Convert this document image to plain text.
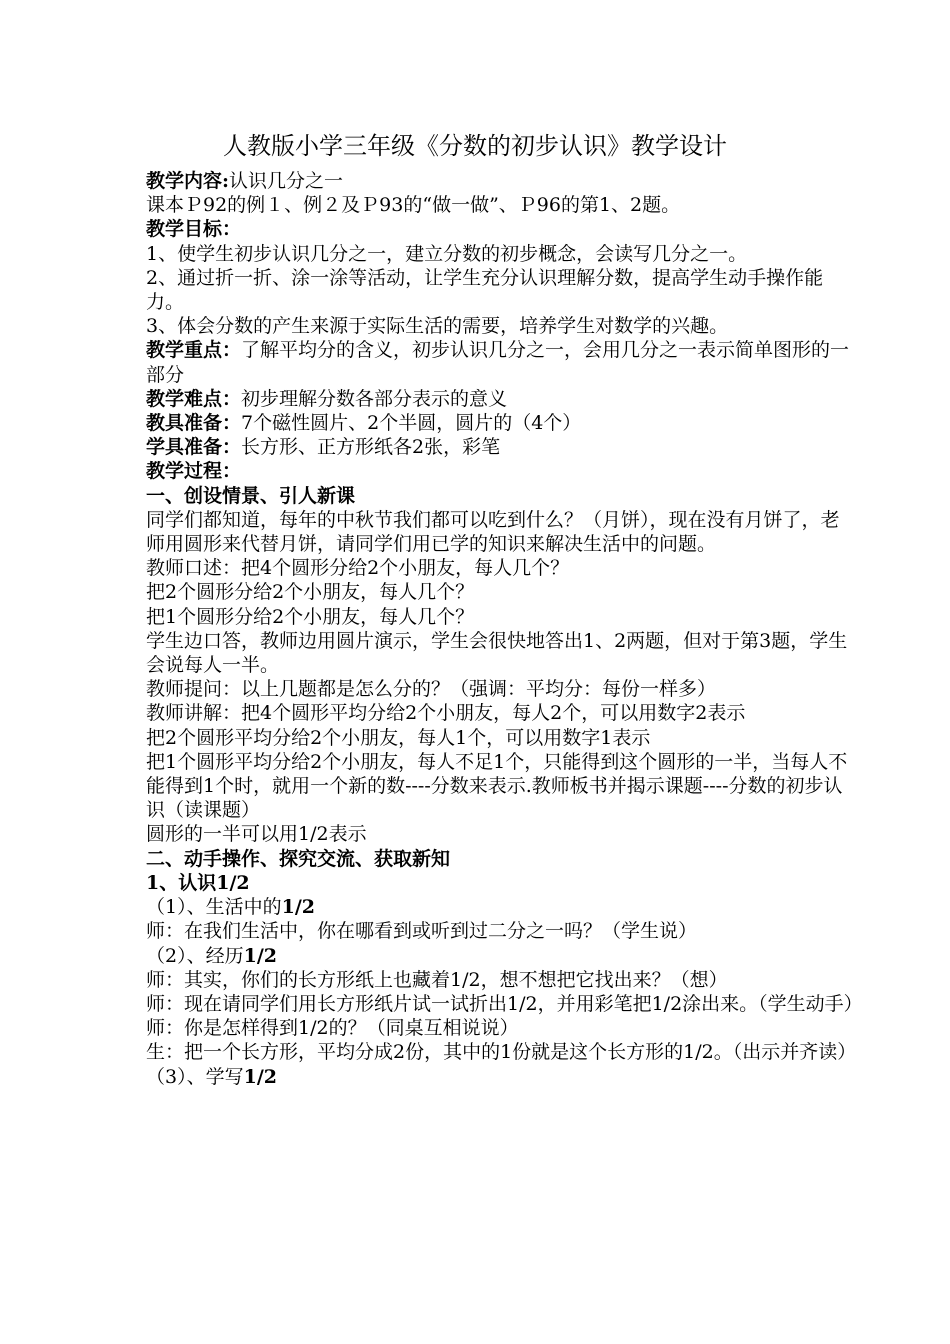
人教版小学三年级《分数的初步认识》教学设计

教学内容:认识几分之一

课本Ｐ92的例１、例２及Ｐ93的“做一做”、Ｐ96的第1、2题。

教学目标：

1、使学生初步认识几分之一，建立分数的初步概念，会读写几分之一。

2、通过折一折、涂一涂等活动，让学生充分认识理解分数，提高学生动手操作能力。

3、体会分数的产生来源于实际生活的需要，培养学生对数学的兴趣。

教学重点：了解平均分的含义，初步认识几分之一，会用几分之一表示简单图形的一部分

教学难点：初步理解分数各部分表示的意义

教具准备：7个磁性圆片、2个半圆，圆片的（4个）

学具准备：长方形、正方形纸各2张，彩笔

教学过程：

一、创设情景、引人新课

同学们都知道，每年的中秋节我们都可以吃到什么？（月饼），现在没有月饼了，老师用圆形来代替月饼，请同学们用已学的知识来解决生活中的问题。

教师口述：把4个圆形分给2个小朋友，每人几个？

把2个圆形分给2个小朋友，每人几个？

把1个圆形分给2个小朋友，每人几个？

学生边口答，教师边用圆片演示，学生会很快地答出1、2两题，但对于第3题，学生会说每人一半。

教师提问：以上几题都是怎么分的？（强调：平均分：每份一样多）

教师讲解：把4个圆形平均分给2个小朋友，每人2个，可以用数字2表示

把2个圆形平均分给2个小朋友，每人1个，可以用数字1表示

把1个圆形平均分给2个小朋友，每人不足1个，只能得到这个圆形的一半，当每人不能得到1个时，就用一个新的数----分数来表示.教师板书并揭示课题----分数的初步认识（读课题）

圆形的一半可以用1/2表示

二、动手操作、探究交流、获取新知

1、认识1/2

（1）、生活中的1/2

师：在我们生活中，你在哪看到或听到过二分之一吗？（学生说）

（2）、经历1/2

师：其实，你们的长方形纸上也藏着1/2，想不想把它找出来？（想）

师：现在请同学们用长方形纸片试一试折出1/2，并用彩笔把1/2涂出来。（学生动手）

师：你是怎样得到1/2的？（同桌互相说说）

生：把一个长方形，平均分成2份，其中的1份就是这个长方形的1/2。（出示并齐读）

（3）、学写1/2
